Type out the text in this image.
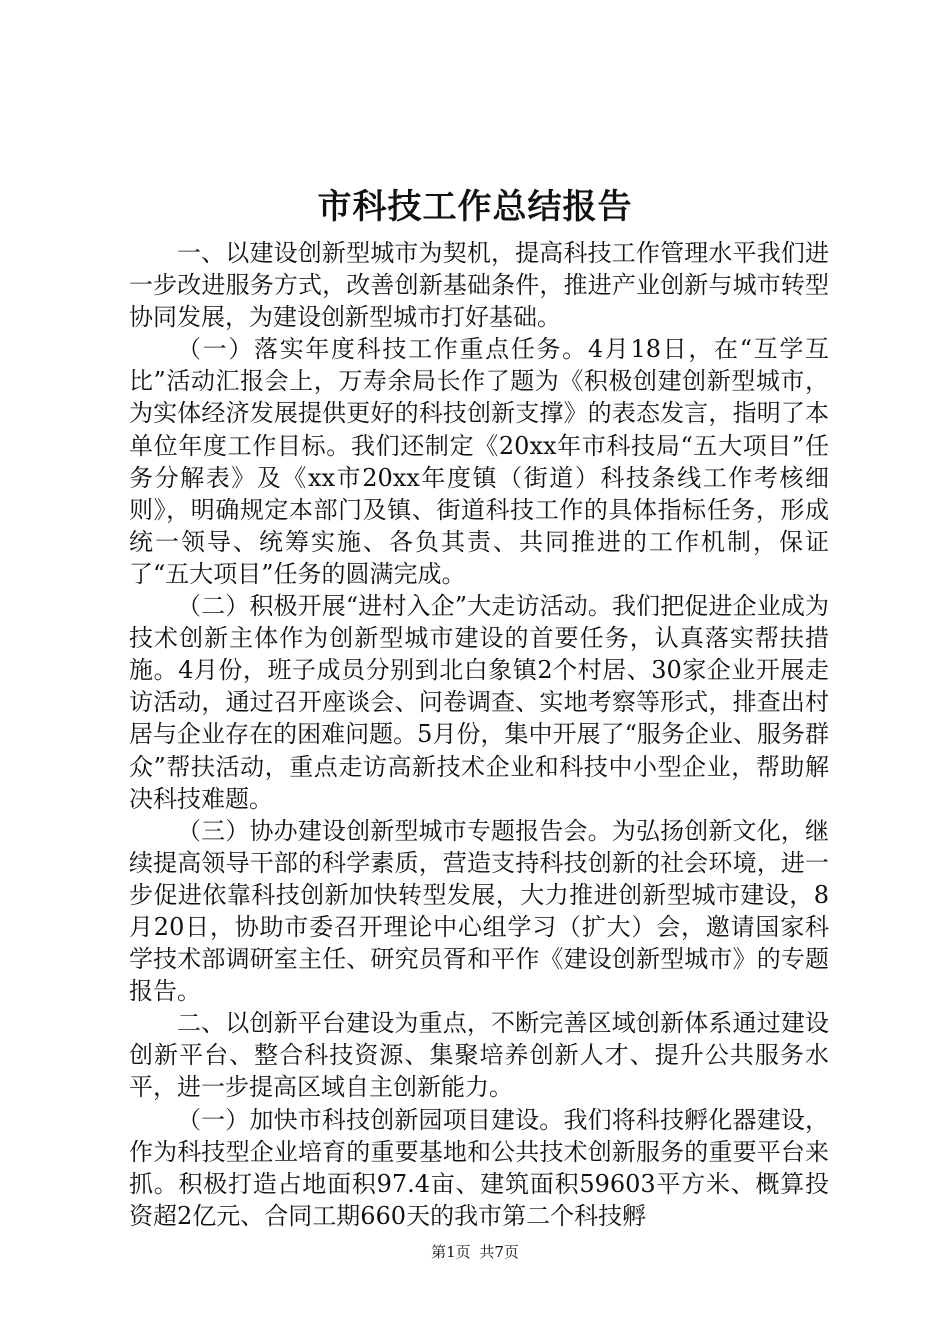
市科技工作总结报告

一、以建设创新型城市为契机，提高科技工作管理水平我们进一步改进服务方式，改善创新基础条件，推进产业创新与城市转型协同发展，为建设创新型城市打好基础。

（一）落实年度科技工作重点任务。4月18日，在“互学互比”活动汇报会上，万寿余局长作了题为《积极创建创新型城市，为实体经济发展提供更好的科技创新支撑》的表态发言，指明了本单位年度工作目标。我们还制定《20xx年市科技局“五大项目”任务分解表》及《xx市20xx年度镇（街道）科技条线工作考核细则》，明确规定本部门及镇、街道科技工作的具体指标任务，形成统一领导、统筹实施、各负其责、共同推进的工作机制，保证了“五大项目”任务的圆满完成。

（二）积极开展“进村入企”大走访活动。我们把促进企业成为技术创新主体作为创新型城市建设的首要任务，认真落实帮扶措施。4月份，班子成员分别到北白象镇2个村居、30家企业开展走访活动，通过召开座谈会、问卷调查、实地考察等形式，排查出村居与企业存在的困难问题。5月份，集中开展了“服务企业、服务群众”帮扶活动，重点走访高新技术企业和科技中小型企业，帮助解决科技难题。

（三）协办建设创新型城市专题报告会。为弘扬创新文化，继续提高领导干部的科学素质，营造支持科技创新的社会环境，进一步促进依靠科技创新加快转型发展，大力推进创新型城市建设，8月20日，协助市委召开理论中心组学习（扩大）会，邀请国家科学技术部调研室主任、研究员胥和平作《建设创新型城市》的专题报告。

二、以创新平台建设为重点，不断完善区域创新体系通过建设创新平台、整合科技资源、集聚培养创新人才、提升公共服务水平，进一步提高区域自主创新能力。

（一）加快市科技创新园项目建设。我们将科技孵化器建设，作为科技型企业培育的重要基地和公共技术创新服务的重要平台来抓。积极打造占地面积97.4亩、建筑面积59603平方米、概算投资超2亿元、合同工期660天的我市第二个科技孵

第1页 共7页
